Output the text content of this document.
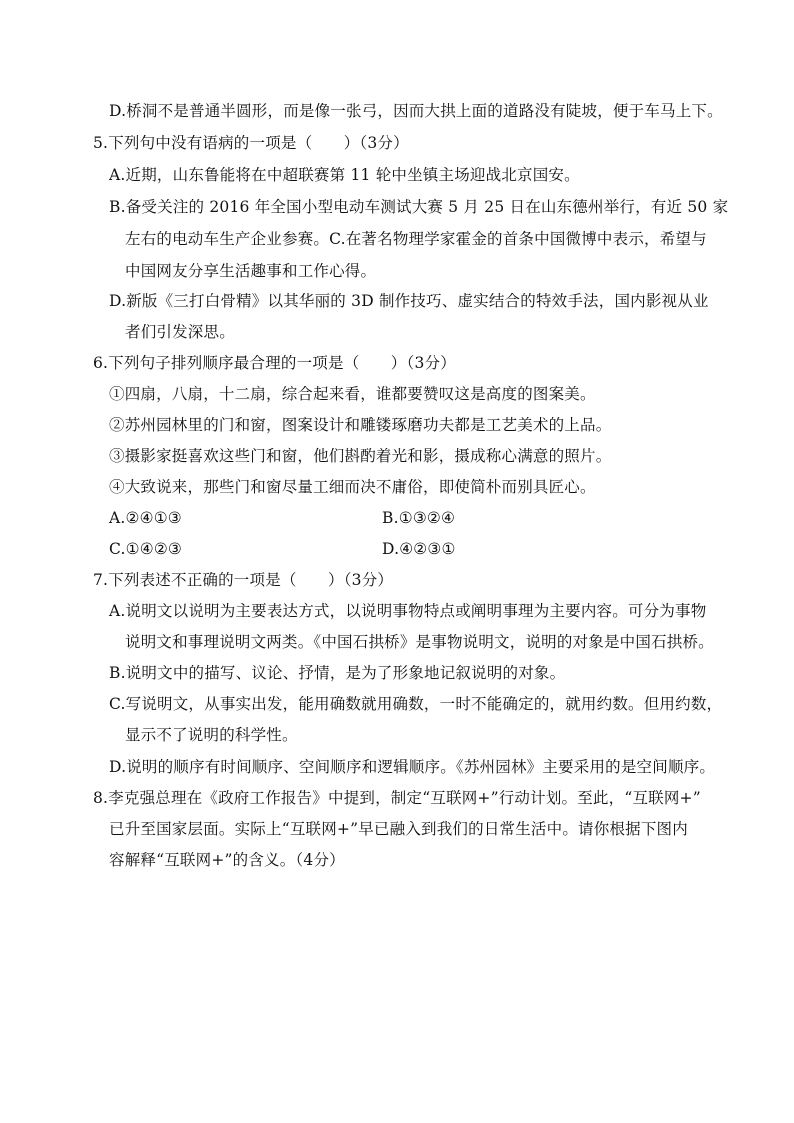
D.桥洞不是普通半圆形，而是像一张弓，因而大拱上面的道路没有陡坡，便于车马上下。
5.下列句中没有语病的一项是（　　）（3分）
A.近期，山东鲁能将在中超联赛第 11 轮中坐镇主场迎战北京国安。
B.备受关注的 2016 年全国小型电动车测试大赛 5 月 25 日在山东德州举行，有近 50 家
左右的电动车生产企业参赛。C.在著名物理学家霍金的首条中国微博中表示，希望与
中国网友分享生活趣事和工作心得。
D.新版《三打白骨精》以其华丽的 3D 制作技巧、虚实结合的特效手法，国内影视从业
者们引发深思。
6.下列句子排列顺序最合理的一项是（　　）（3分）
①四扇，八扇，十二扇，综合起来看，谁都要赞叹这是高度的图案美。
②苏州园林里的门和窗，图案设计和雕镂琢磨功夫都是工艺美术的上品。
③摄影家挺喜欢这些门和窗，他们斟酌着光和影，摄成称心满意的照片。
④大致说来，那些门和窗尽量工细而决不庸俗，即使简朴而别具匠心。
A.②④①③	B.①③②④
C.①④②③	D.④②③①
7.下列表述不正确的一项是（　　）（3分）
A.说明文以说明为主要表达方式，以说明事物特点或阐明事理为主要内容。可分为事物
说明文和事理说明文两类。《中国石拱桥》是事物说明文，说明的对象是中国石拱桥。
B.说明文中的描写、议论、抒情，是为了形象地记叙说明的对象。
C.写说明文，从事实出发，能用确数就用确数，一时不能确定的，就用约数。但用约数，
显示不了说明的科学性。
D.说明的顺序有时间顺序、空间顺序和逻辑顺序。《苏州园林》主要采用的是空间顺序。
8.李克强总理在《政府工作报告》中提到，制定“互联网+”行动计划。至此，“互联网+”
已升至国家层面。实际上“互联网+”早已融入到我们的日常生活中。请你根据下图内
容解释“互联网+”的含义。（4分）
